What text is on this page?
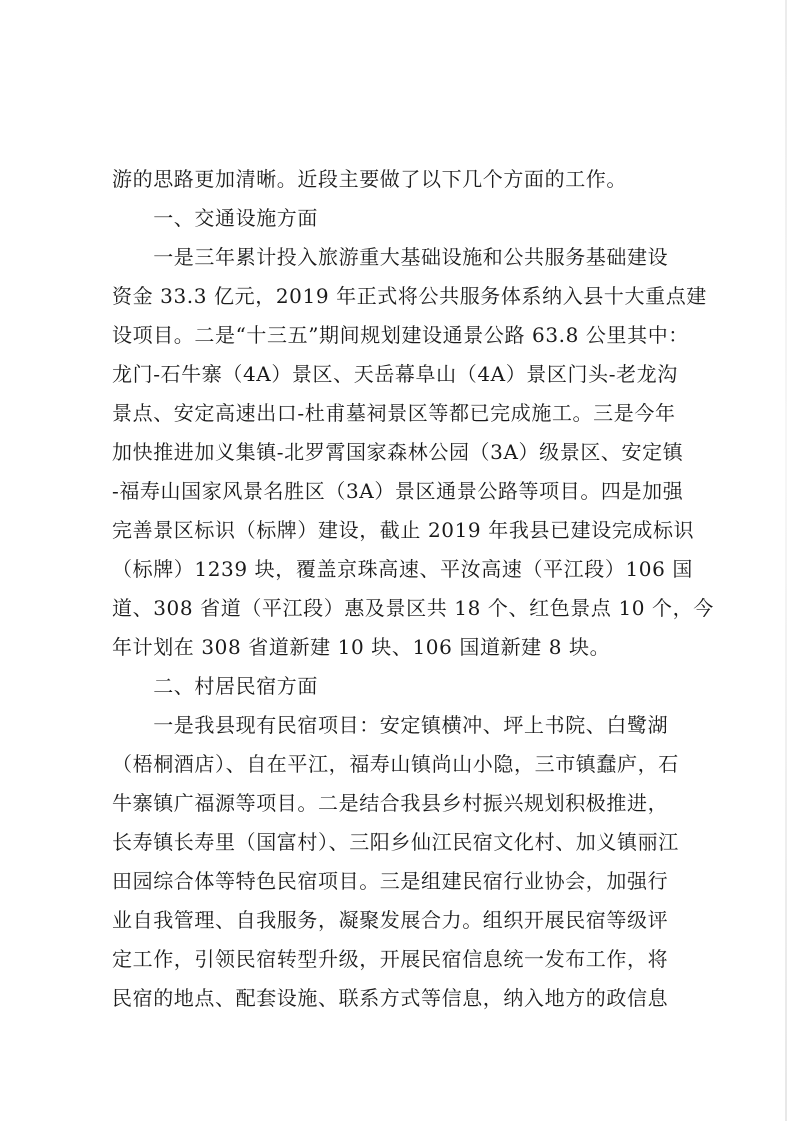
游的思路更加清晰。近段主要做了以下几个方面的工作。
　　一、交通设施方面
　　一是三年累计投入旅游重大基础设施和公共服务基础建设
资金 33.3 亿元，2019 年正式将公共服务体系纳入县十大重点建
设项目。二是“十三五”期间规划建设通景公路 63.8 公里其中：
龙门-石牛寨（4A）景区、天岳幕阜山（4A）景区门头-老龙沟
景点、安定高速出口-杜甫墓祠景区等都已完成施工。三是今年
加快推进加义集镇-北罗霄国家森林公园（3A）级景区、安定镇
-福寿山国家风景名胜区（3A）景区通景公路等项目。四是加强
完善景区标识（标牌）建设，截止 2019 年我县已建设完成标识
（标牌）1239 块，覆盖京珠高速、平汝高速（平江段）106 国
道、308 省道（平江段）惠及景区共 18 个、红色景点 10 个，今
年计划在 308 省道新建 10 块、106 国道新建 8 块。
　　二、村居民宿方面
　　一是我县现有民宿项目：安定镇横冲、坪上书院、白鹭湖
（梧桐酒店）、自在平江，福寿山镇尚山小隐，三市镇蠢庐，石
牛寨镇广福源等项目。二是结合我县乡村振兴规划积极推进，
长寿镇长寿里（国富村）、三阳乡仙江民宿文化村、加义镇丽江
田园综合体等特色民宿项目。三是组建民宿行业协会，加强行
业自我管理、自我服务，凝聚发展合力。组织开展民宿等级评
定工作，引领民宿转型升级，开展民宿信息统一发布工作，将
民宿的地点、配套设施、联系方式等信息，纳入地方的政信息
